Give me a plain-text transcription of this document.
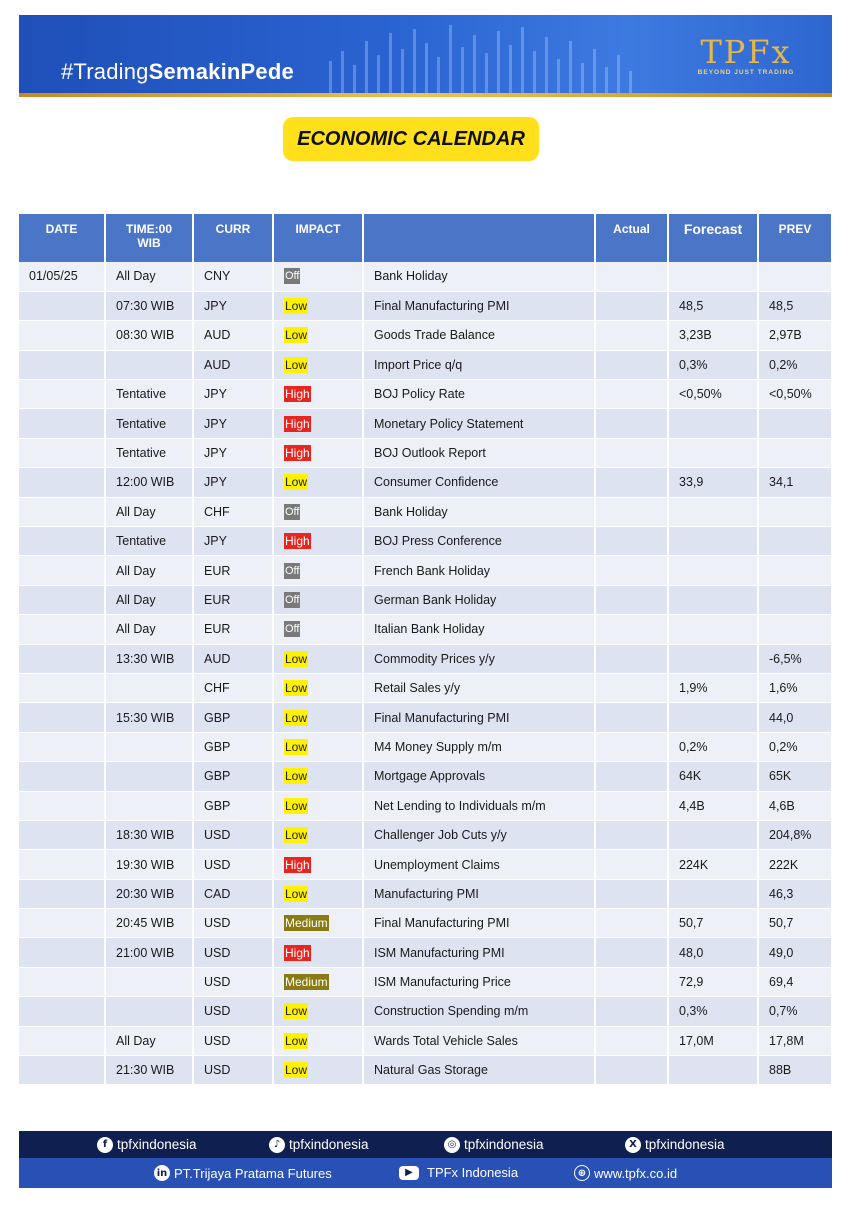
#TradingSemakinPede
TPFx
BEYOND JUST TRADING
ECONOMIC CALENDAR
DATE	TIME:00 WIB	CURR	IMPACT		Actual	Forecast	PREV
01/05/25	All Day	CNY	Off	Bank Holiday			
	07:30 WIB	JPY	Low	Final Manufacturing PMI		48,5	48,5
	08:30 WIB	AUD	Low	Goods Trade Balance		3,23B	2,97B
		AUD	Low	Import Price q/q		0,3%	0,2%
	Tentative	JPY	High	BOJ Policy Rate		<0,50%	<0,50%
	Tentative	JPY	High	Monetary Policy Statement			
	Tentative	JPY	High	BOJ Outlook Report			
	12:00 WIB	JPY	Low	Consumer Confidence		33,9	34,1
	All Day	CHF	Off	Bank Holiday			
	Tentative	JPY	High	BOJ Press Conference			
	All Day	EUR	Off	French Bank Holiday			
	All Day	EUR	Off	German Bank Holiday			
	All Day	EUR	Off	Italian Bank Holiday			
	13:30 WIB	AUD	Low	Commodity Prices y/y			-6,5%
		CHF	Low	Retail Sales y/y		1,9%	1,6%
	15:30 WIB	GBP	Low	Final Manufacturing PMI			44,0
		GBP	Low	M4 Money Supply m/m		0,2%	0,2%
		GBP	Low	Mortgage Approvals		64K	65K
		GBP	Low	Net Lending to Individuals m/m		4,4B	4,6B
	18:30 WIB	USD	Low	Challenger Job Cuts y/y			204,8%
	19:30 WIB	USD	High	Unemployment Claims		224K	222K
	20:30 WIB	CAD	Low	Manufacturing PMI			46,3
	20:45 WIB	USD	Medium	Final Manufacturing PMI		50,7	50,7
	21:00 WIB	USD	High	ISM Manufacturing PMI		48,0	49,0
		USD	Medium	ISM Manufacturing Price		72,9	69,4
		USD	Low	Construction Spending m/m		0,3%	0,7%
	All Day	USD	Low	Wards Total Vehicle Sales		17,0M	17,8M
	21:30 WIB	USD	Low	Natural Gas Storage			88B
f tpfxindonesia	♪ tpfxindonesia	◎ tpfxindonesia	X tpfxindonesia
in PT.Trijaya Pratama Futures	▶	TPFx Indonesia	⊕ www.tpfx.co.id
